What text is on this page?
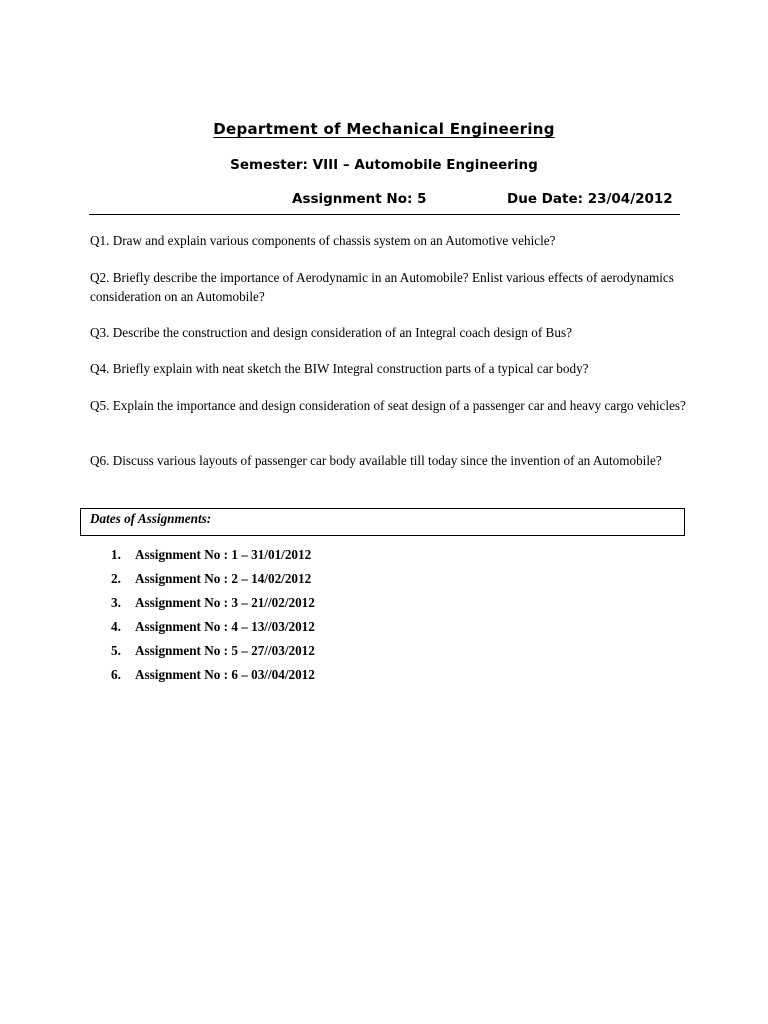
Department of Mechanical Engineering
Semester: VIII – Automobile Engineering
Assignment No: 5	Due Date: 23/04/2012
Q1. Draw and explain various components of chassis system on an Automotive vehicle?
Q2. Briefly describe the importance of Aerodynamic in an Automobile? Enlist various effects of aerodynamics consideration on an Automobile?
Q3. Describe the construction and design consideration of an Integral coach design of Bus?
Q4. Briefly explain with neat sketch the BIW Integral construction parts of a typical car body?
Q5. Explain the importance and design consideration of seat design of a passenger car and heavy cargo vehicles?
Q6. Discuss various layouts of passenger car body available till today since the invention of an Automobile?
Dates of Assignments:
1.	Assignment No : 1 – 31/01/2012
2.	Assignment No : 2 – 14/02/2012
3.	Assignment No : 3 – 21//02/2012
4.	Assignment No : 4 – 13//03/2012
5.	Assignment No : 5 – 27//03/2012
6.	Assignment No : 6 – 03//04/2012
